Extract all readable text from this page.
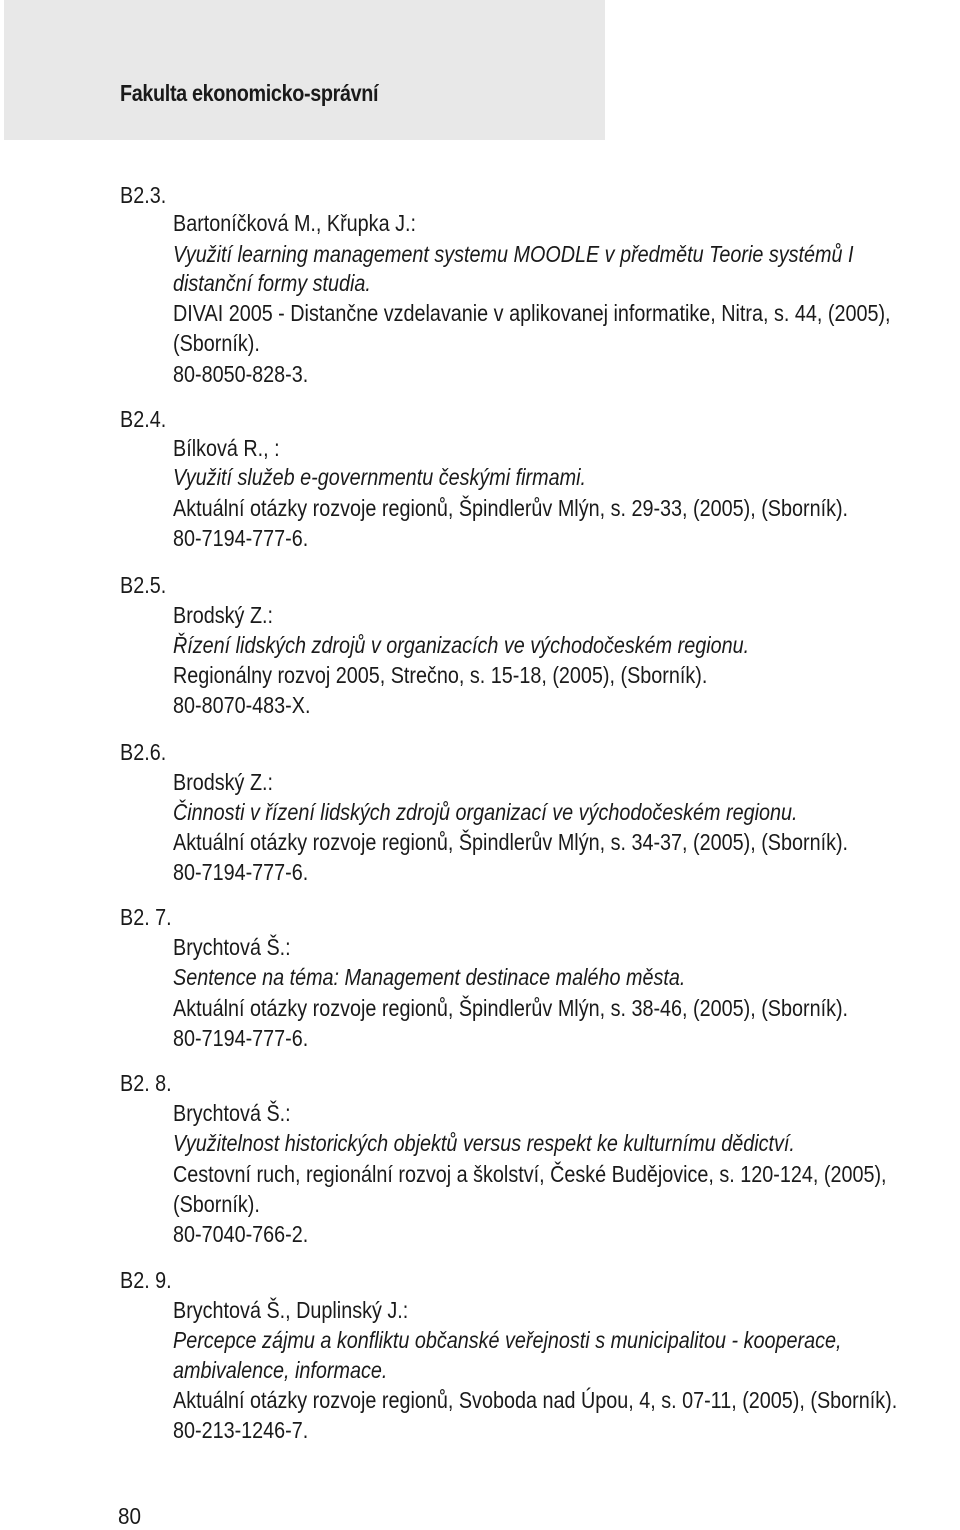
Fakulta ekonomicko-správní
B2.3.
Bartoníčková M., Křupka J.:
Využití learning management systemu MOODLE v předmětu Teorie systémů I
distanční formy studia.
DIVAI 2005 - Distančne vzdelavanie v aplikovanej informatike, Nitra, s. 44, (2005),
(Sborník).
80-8050-828-3.
B2.4.
Bílková R., :
Využití služeb e-governmentu českými firmami.
Aktuální otázky rozvoje regionů, Špindlerův Mlýn, s. 29-33, (2005), (Sborník).
80-7194-777-6.
B2.5.
Brodský Z.:
Řízení lidských zdrojů v organizacích ve východočeském regionu.
Regionálny rozvoj 2005, Strečno, s. 15-18, (2005), (Sborník).
80-8070-483-X.
B2.6.
Brodský Z.:
Činnosti v řízení lidských zdrojů organizací ve východočeském regionu.
Aktuální otázky rozvoje regionů, Špindlerův Mlýn, s. 34-37, (2005), (Sborník).
80-7194-777-6.
B2. 7.
Brychtová Š.:
Sentence na téma: Management destinace malého města.
Aktuální otázky rozvoje regionů, Špindlerův Mlýn, s. 38-46, (2005), (Sborník).
80-7194-777-6.
B2. 8.
Brychtová Š.:
Využitelnost historických objektů versus respekt ke kulturnímu dědictví.
Cestovní ruch, regionální rozvoj a školství, České Budějovice, s. 120-124, (2005),
(Sborník).
80-7040-766-2.
B2. 9.
Brychtová Š., Duplinský J.:
Percepce zájmu a konfliktu občanské veřejnosti s municipalitou - kooperace,
ambivalence, informace.
Aktuální otázky rozvoje regionů, Svoboda nad Úpou, 4, s. 07-11, (2005), (Sborník).
80-213-1246-7.
80
